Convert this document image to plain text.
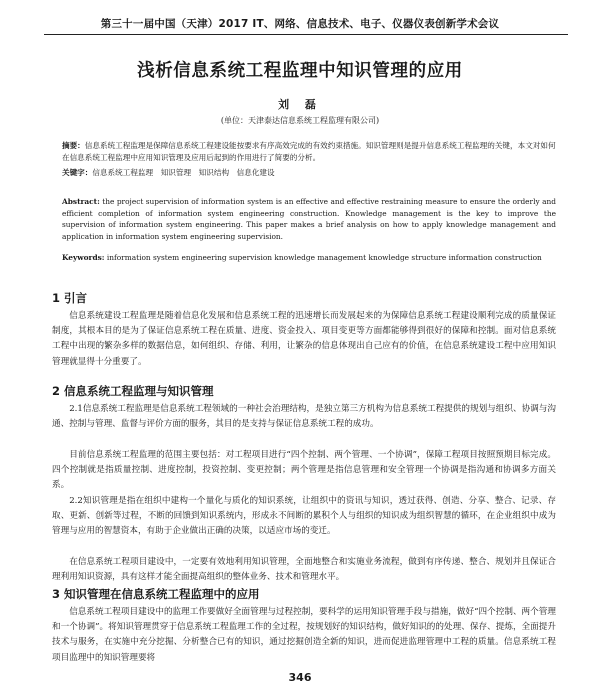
第三十一届中国（天津）2017 IT、网络、信息技术、电子、仪器仪表创新学术会议
浅析信息系统工程监理中知识管理的应用
刘 磊
(单位：天津泰达信息系统工程监理有限公司)
摘要：信息系统工程监理是保障信息系统工程建设能按要求有序高效完成的有效约束措施。知识管理则是提升信息系统工程监理的关键，本文对如何在信息系统工程监理中应用知识管理及应用后起到的作用进行了简要的分析。
关键字：信息系统工程监理　知识管理　知识结构　信息化建设
Abstract: the project supervision of information system is an effective and effective restraining measure to ensure the orderly and efficient completion of information system engineering construction. Knowledge management is the key to improve the supervision of information system engineering. This paper makes a brief analysis on how to apply knowledge management and application in information system engineering supervision.
Keywords: information system engineering supervision knowledge management knowledge structure information construction
1 引言
信息系统建设工程监理是随着信息化发展和信息系统工程的迅速增长而发展起来的为保障信息系统工程建设顺利完成的质量保证制度，其根本目的是为了保证信息系统工程在质量、进度、资金投入、项目变更等方面都能够得到很好的保障和控制。面对信息系统工程中出现的繁杂多样的数据信息，如何组织、存储、利用，让繁杂的信息体现出自己应有的价值，在信息系统建设工程中应用知识管理就显得十分重要了。
2 信息系统工程监理与知识管理
2.1信息系统工程监理是信息系统工程领域的一种社会治理结构，是独立第三方机构为信息系统工程提供的规划与组织、协调与沟通、控制与管理、监督与评价方面的服务，其目的是支持与保证信息系统工程的成功。
目前信息系统工程监理的范围主要包括：对工程项目进行“四个控制、两个管理、一个协调”，保障工程项目按照预期目标完成。四个控制就是指质量控制、进度控制，投资控制、变更控制；两个管理是指信息管理和安全管理一个协调是指沟通和协调多方面关系。
2.2知识管理是指在组织中建构一个量化与质化的知识系统，让组织中的资讯与知识，透过获得、创造、分享、整合、记录、存取、更新、创新等过程，不断的回馈到知识系统内，形成永不间断的累积个人与组织的知识成为组织智慧的循环，在企业组织中成为管理与应用的智慧资本，有助于企业做出正确的决策，以适应市场的变迁。
在信息系统工程项目建设中，一定要有效地利用知识管理，全面地整合和实施业务流程，做到有序传递、整合、规划并且保证合理利用知识资源，具有这样才能全面提高组织的整体业务、技术和管理水平。
3 知识管理在信息系统工程监理中的应用
信息系统工程项目建设中的监理工作要做好全面管理与过程控制，要科学的运用知识管理手段与措施，做好“四个控制、两个管理和一个协调”。将知识管理贯穿于信息系统工程监理工作的全过程，按规划好的知识结构，做好知识的的处理、保存、提炼，全面提升技术与服务，在实施中充分挖掘、分析整合已有的知识，通过挖掘创造全新的知识，进而促进监理管理中工程的质量。信息系统工程项目监理中的知识管理要将
346
